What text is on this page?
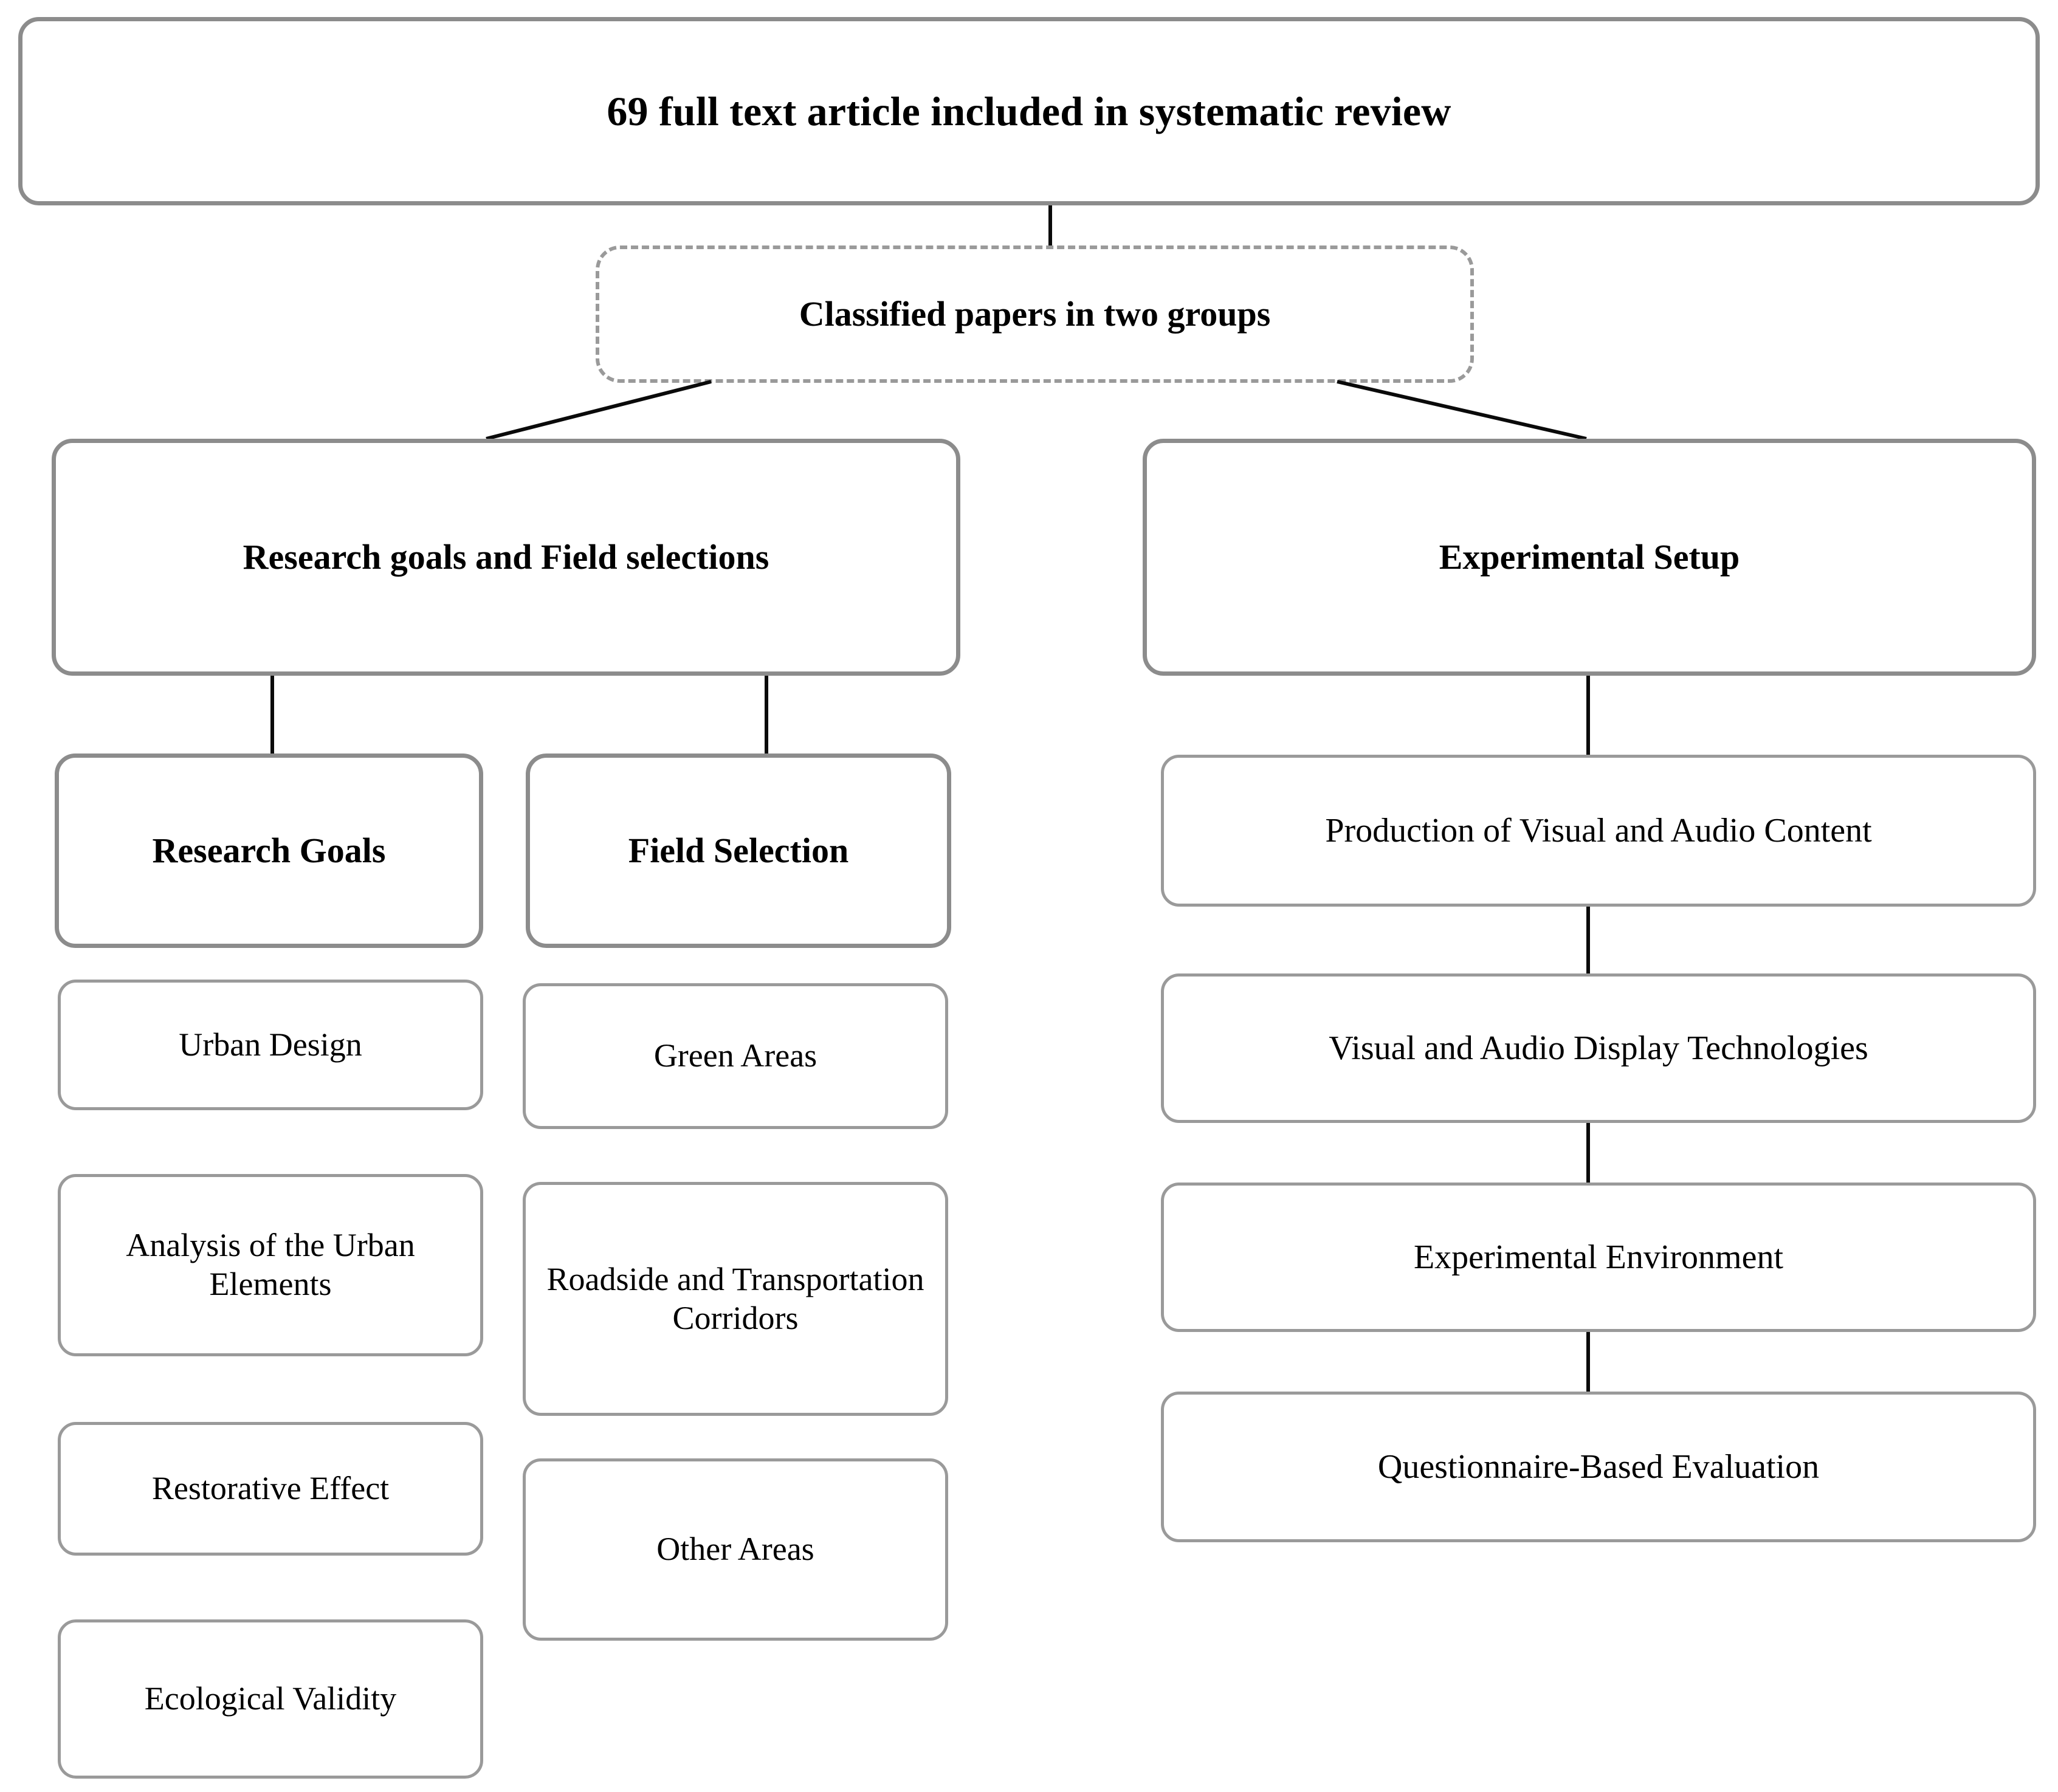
69 full text article included in systematic review
Classified papers in two groups
Research goals and Field selections	Experimental Setup
Research Goals	Field Selection
Urban Design
Analysis of the Urban Elements
Restorative Effect
Ecological Validity
Green Areas
Roadside and Transportation Corridors
Other Areas
Production of Visual and Audio Content
Visual and Audio Display Technologies
Experimental Environment
Questionnaire-Based Evaluation
